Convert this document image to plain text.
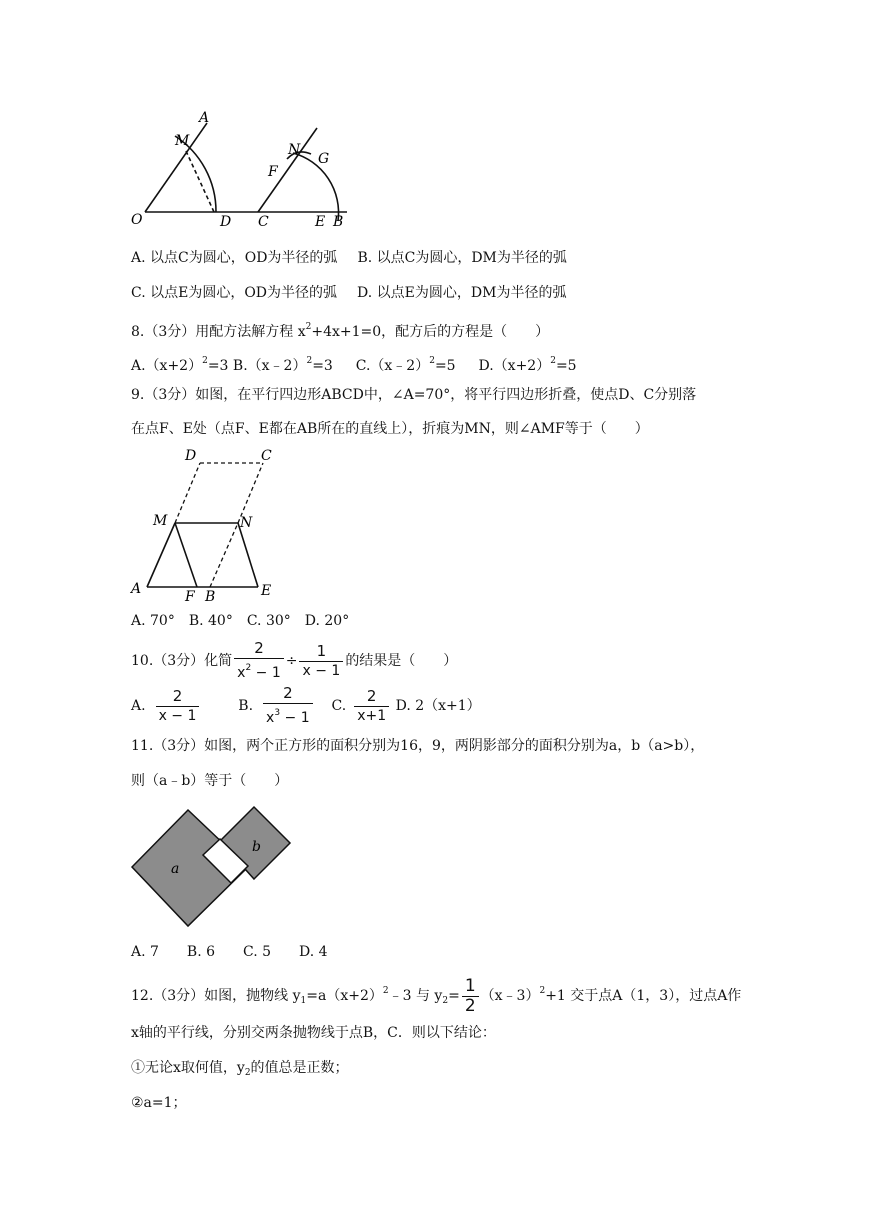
A
M
O	D
N
G
F
C	E B
A. 以点C为圆心，OD为半径的弧 B. 以点C为圆心，DM为半径的弧
C. 以点E为圆心，OD为半径的弧 D. 以点E为圆心，DM为半径的弧
8.（3分）用配方法解方程 $x^2+4x+1=0$，配方后的方程是（　　）
$A.(x+2)^2=3$ B.（x﹣2）$^2$=3 C.（x﹣2）$^2$=5 $D.(x+2)^2=5$
9.（3分）如图，在平行四边形ABCD中，∠A=70°，将平行四边形折叠，使点D、C分别落
在点F、E处（点F、E都在AB所在的直线上），折痕为MN，则∠AMF等于（　　）
D	C
M	N
A	F B	E
A. 70°　B. 40°　C. 30°　D. 20°
10.（3分）化简 $\frac{2}{x^2 - 1} \div \frac{1}{x - 1}$ 的结果是（　　）
A. $\frac{2}{x - 1}$	B. $\frac{2}{x^3 - 1} C$. $\frac{2}{x+1} D$. 2（x+1）
11.（3分）如图，两个正方形的面积分别为16，9，两阴影部分的面积分别为a，b（a>b），
则（a﹣b）等于（　　）
a
b
A. 7　　B. 6　　C. 5　　D. 4
12.（3分）如图，抛物线 $y_1=a(x+2)^2﹣3$ 与 $y_2= \frac{1}{2}$ （x﹣3）$^2$+1 交于点A（1，3），过点A作
x轴的平行线，分别交两条抛物线于点B，C．则以下结论：
①无论x取何值，$y_2$的值总是正数；
②a=1；
